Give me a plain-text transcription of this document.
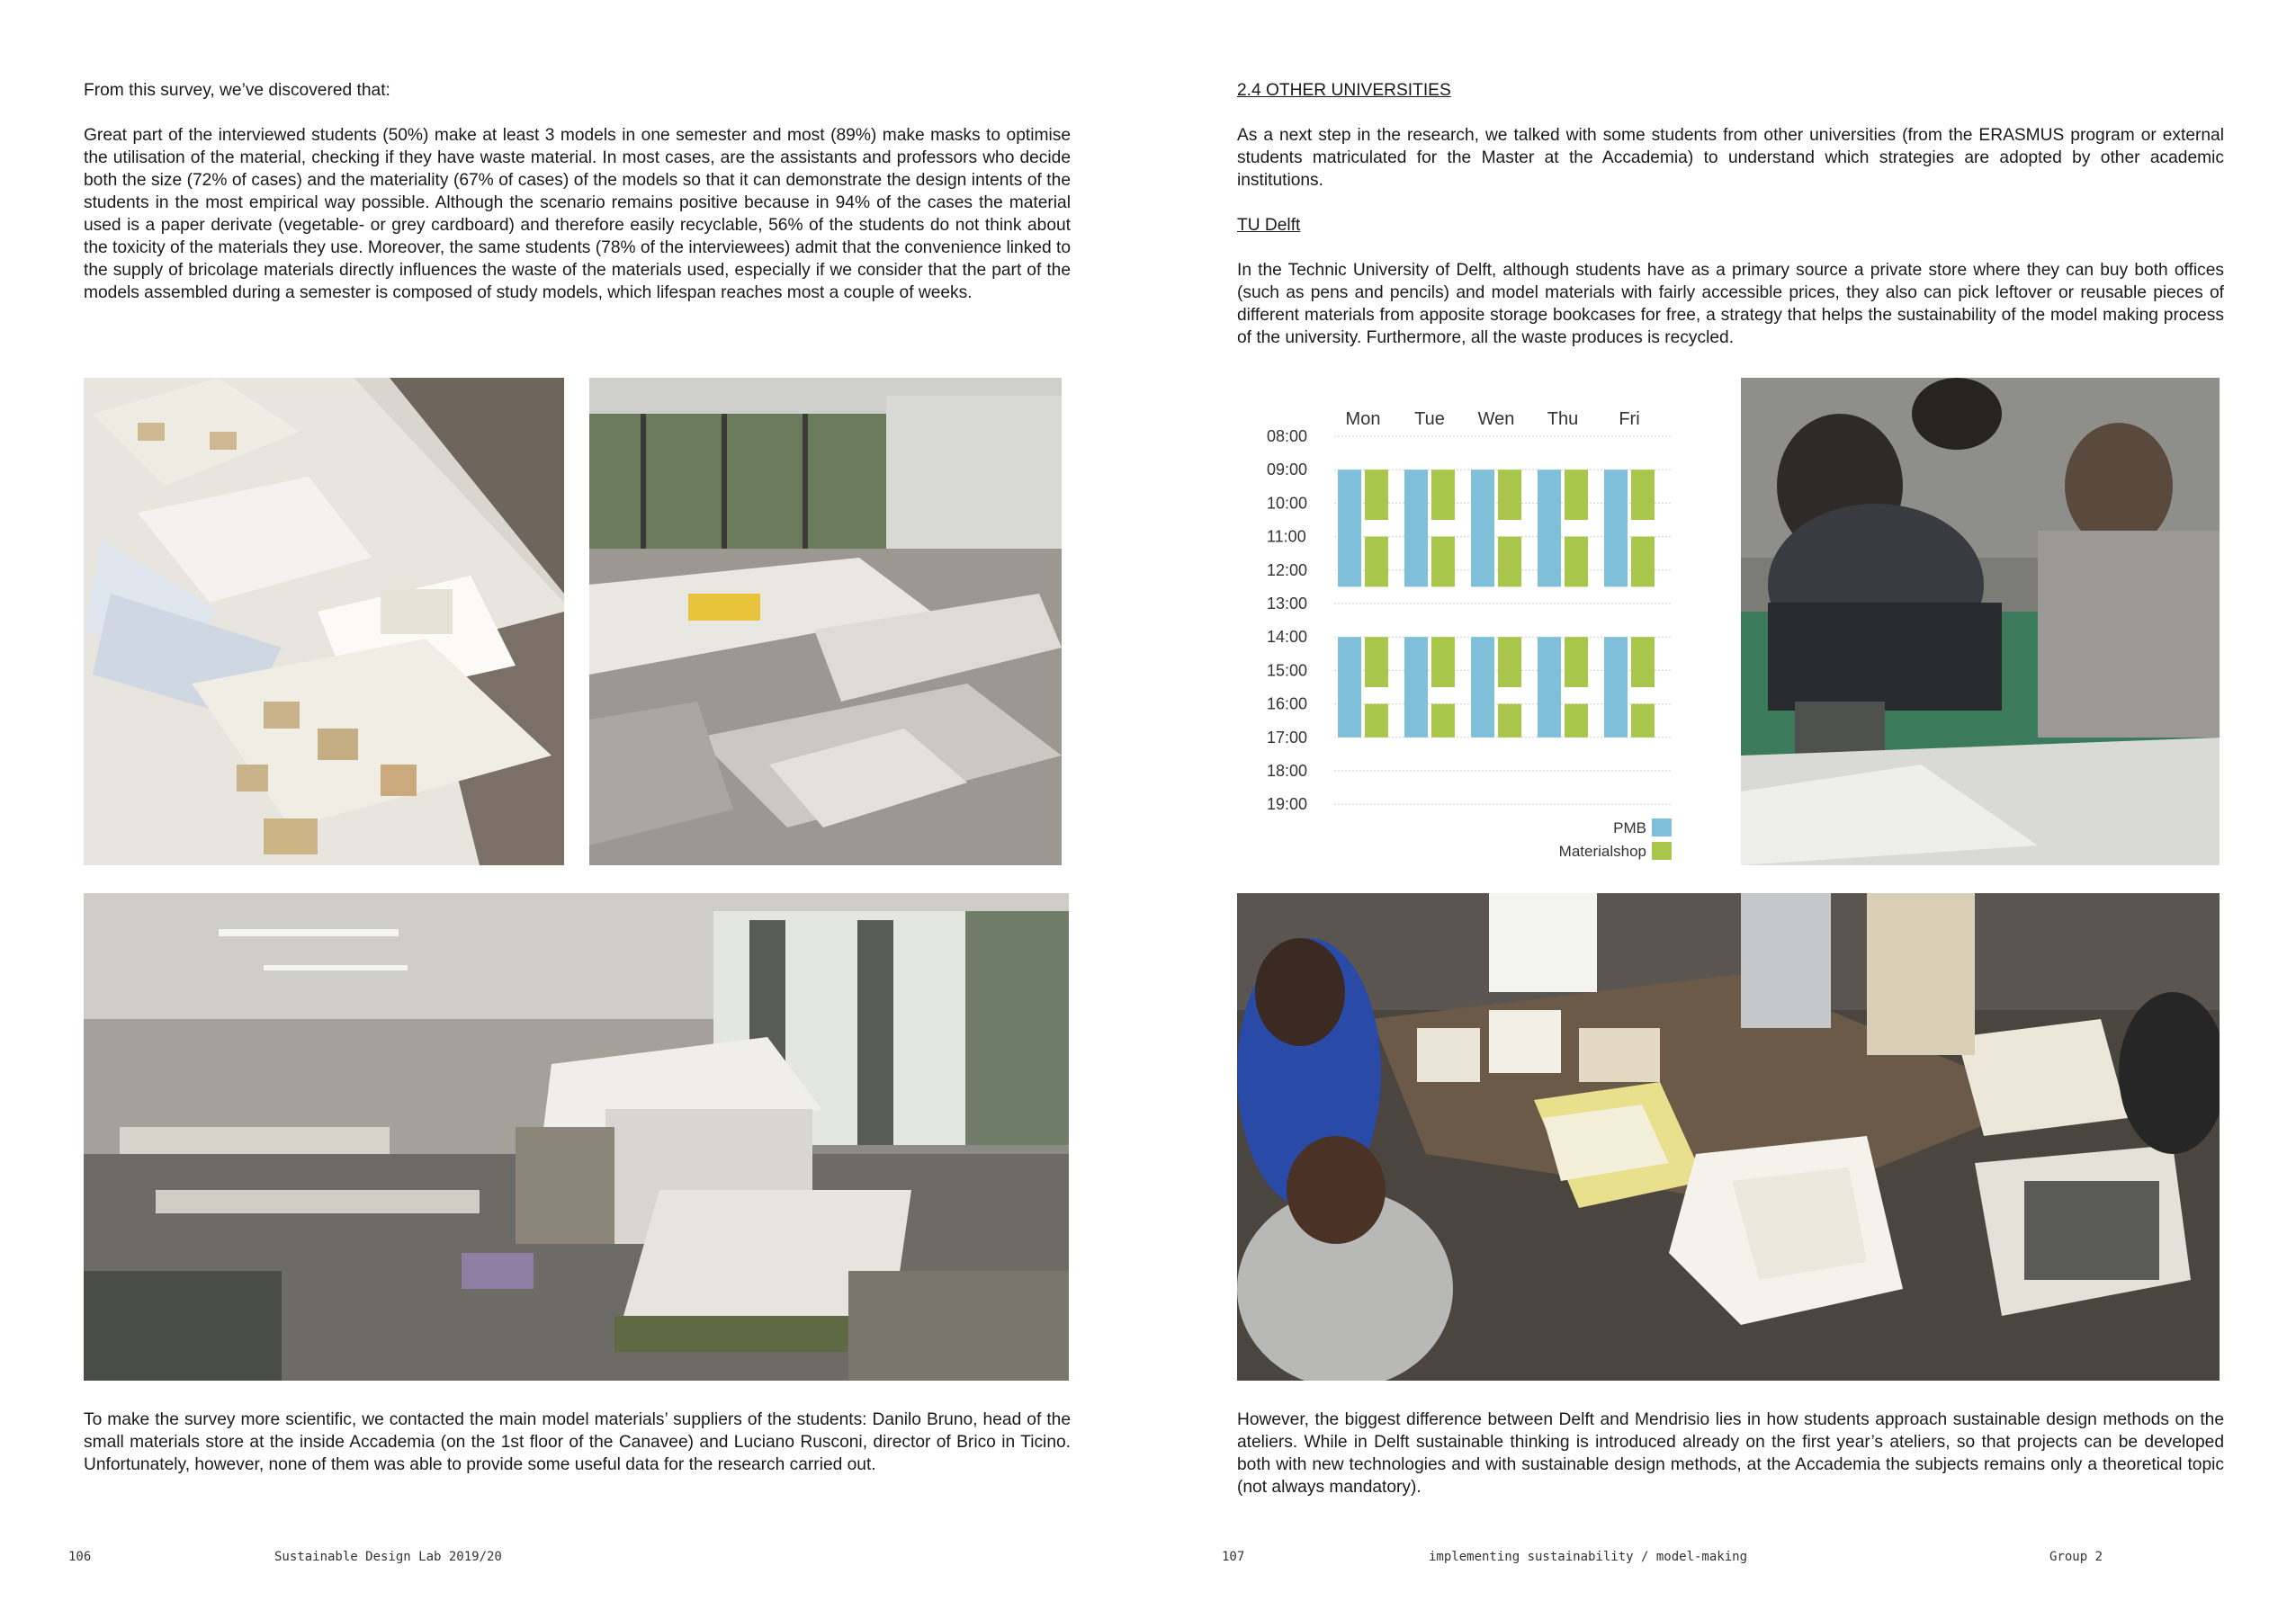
From this survey, we’ve discovered that:

Great part of the interviewed students (50%) make at least 3 models in one semester and most (89%) make masks to optimise the utilisation of the material, checking if they have waste material. In most cases, are the assistants and professors who decide both the size (72% of cases) and the materiality (67% of cases) of the models so that it can demonstrate the design intents of the students in the most empirical way possible. Although the scenario remains positive because in 94% of the cases the material used is a paper derivate (vegetable- or grey cardboard) and therefore easily recyclable, 56% of the students do not think about the toxicity of the materials they use. Moreover, the same students (78% of the interviewees) admit that the convenience linked to the supply of bricolage materials directly influences the waste of the materials used, especially if we consider that the part of the models assembled during a semester is composed of study models, which lifespan reaches most a couple of weeks.

To make the survey more scientific, we contacted the main model materials’ suppliers of the students: Danilo Bruno, head of the small materials store at the inside Accademia (on the 1st floor of the Canavee) and Luciano Rusconi, director of Brico in Ticino. Unfortunately, however, none of them was able to provide some useful data for the research carried out.

2.4 OTHER UNIVERSITIES

As a next step in the research, we talked with some students from other universities (from the ERASMUS program or external students matriculated for the Master at the Accademia) to understand which strategies are adopted by other academic institutions.

TU Delft

In the Technic University of Delft, although students have as a primary source a private store where they can buy both offices (such as pens and pencils) and model materials with fairly accessible prices, they also can pick leftover or reusable pieces of different materials from apposite storage bookcases for free, a strategy that helps the sustainability of the model making process of the university. Furthermore, all the waste produces is recycled.

08:00
09:00
10:00
11:00
12:00
13:00
14:00
15:00
16:00
17:00
18:00
19:00
Mon Tue Wen Thu Fri
PMB
Materialshop

However, the biggest difference between Delft and Mendrisio lies in how students approach sustainable design methods on the ateliers. While in Delft sustainable thinking is introduced already on the first year’s ateliers, so that projects can be developed both with new technologies and with sustainable design methods, at the Accademia the subjects remains only a theoretical topic (not always mandatory).

106	Sustainable Design Lab 2019/20	107	implementing sustainability / model-making	Group 2
